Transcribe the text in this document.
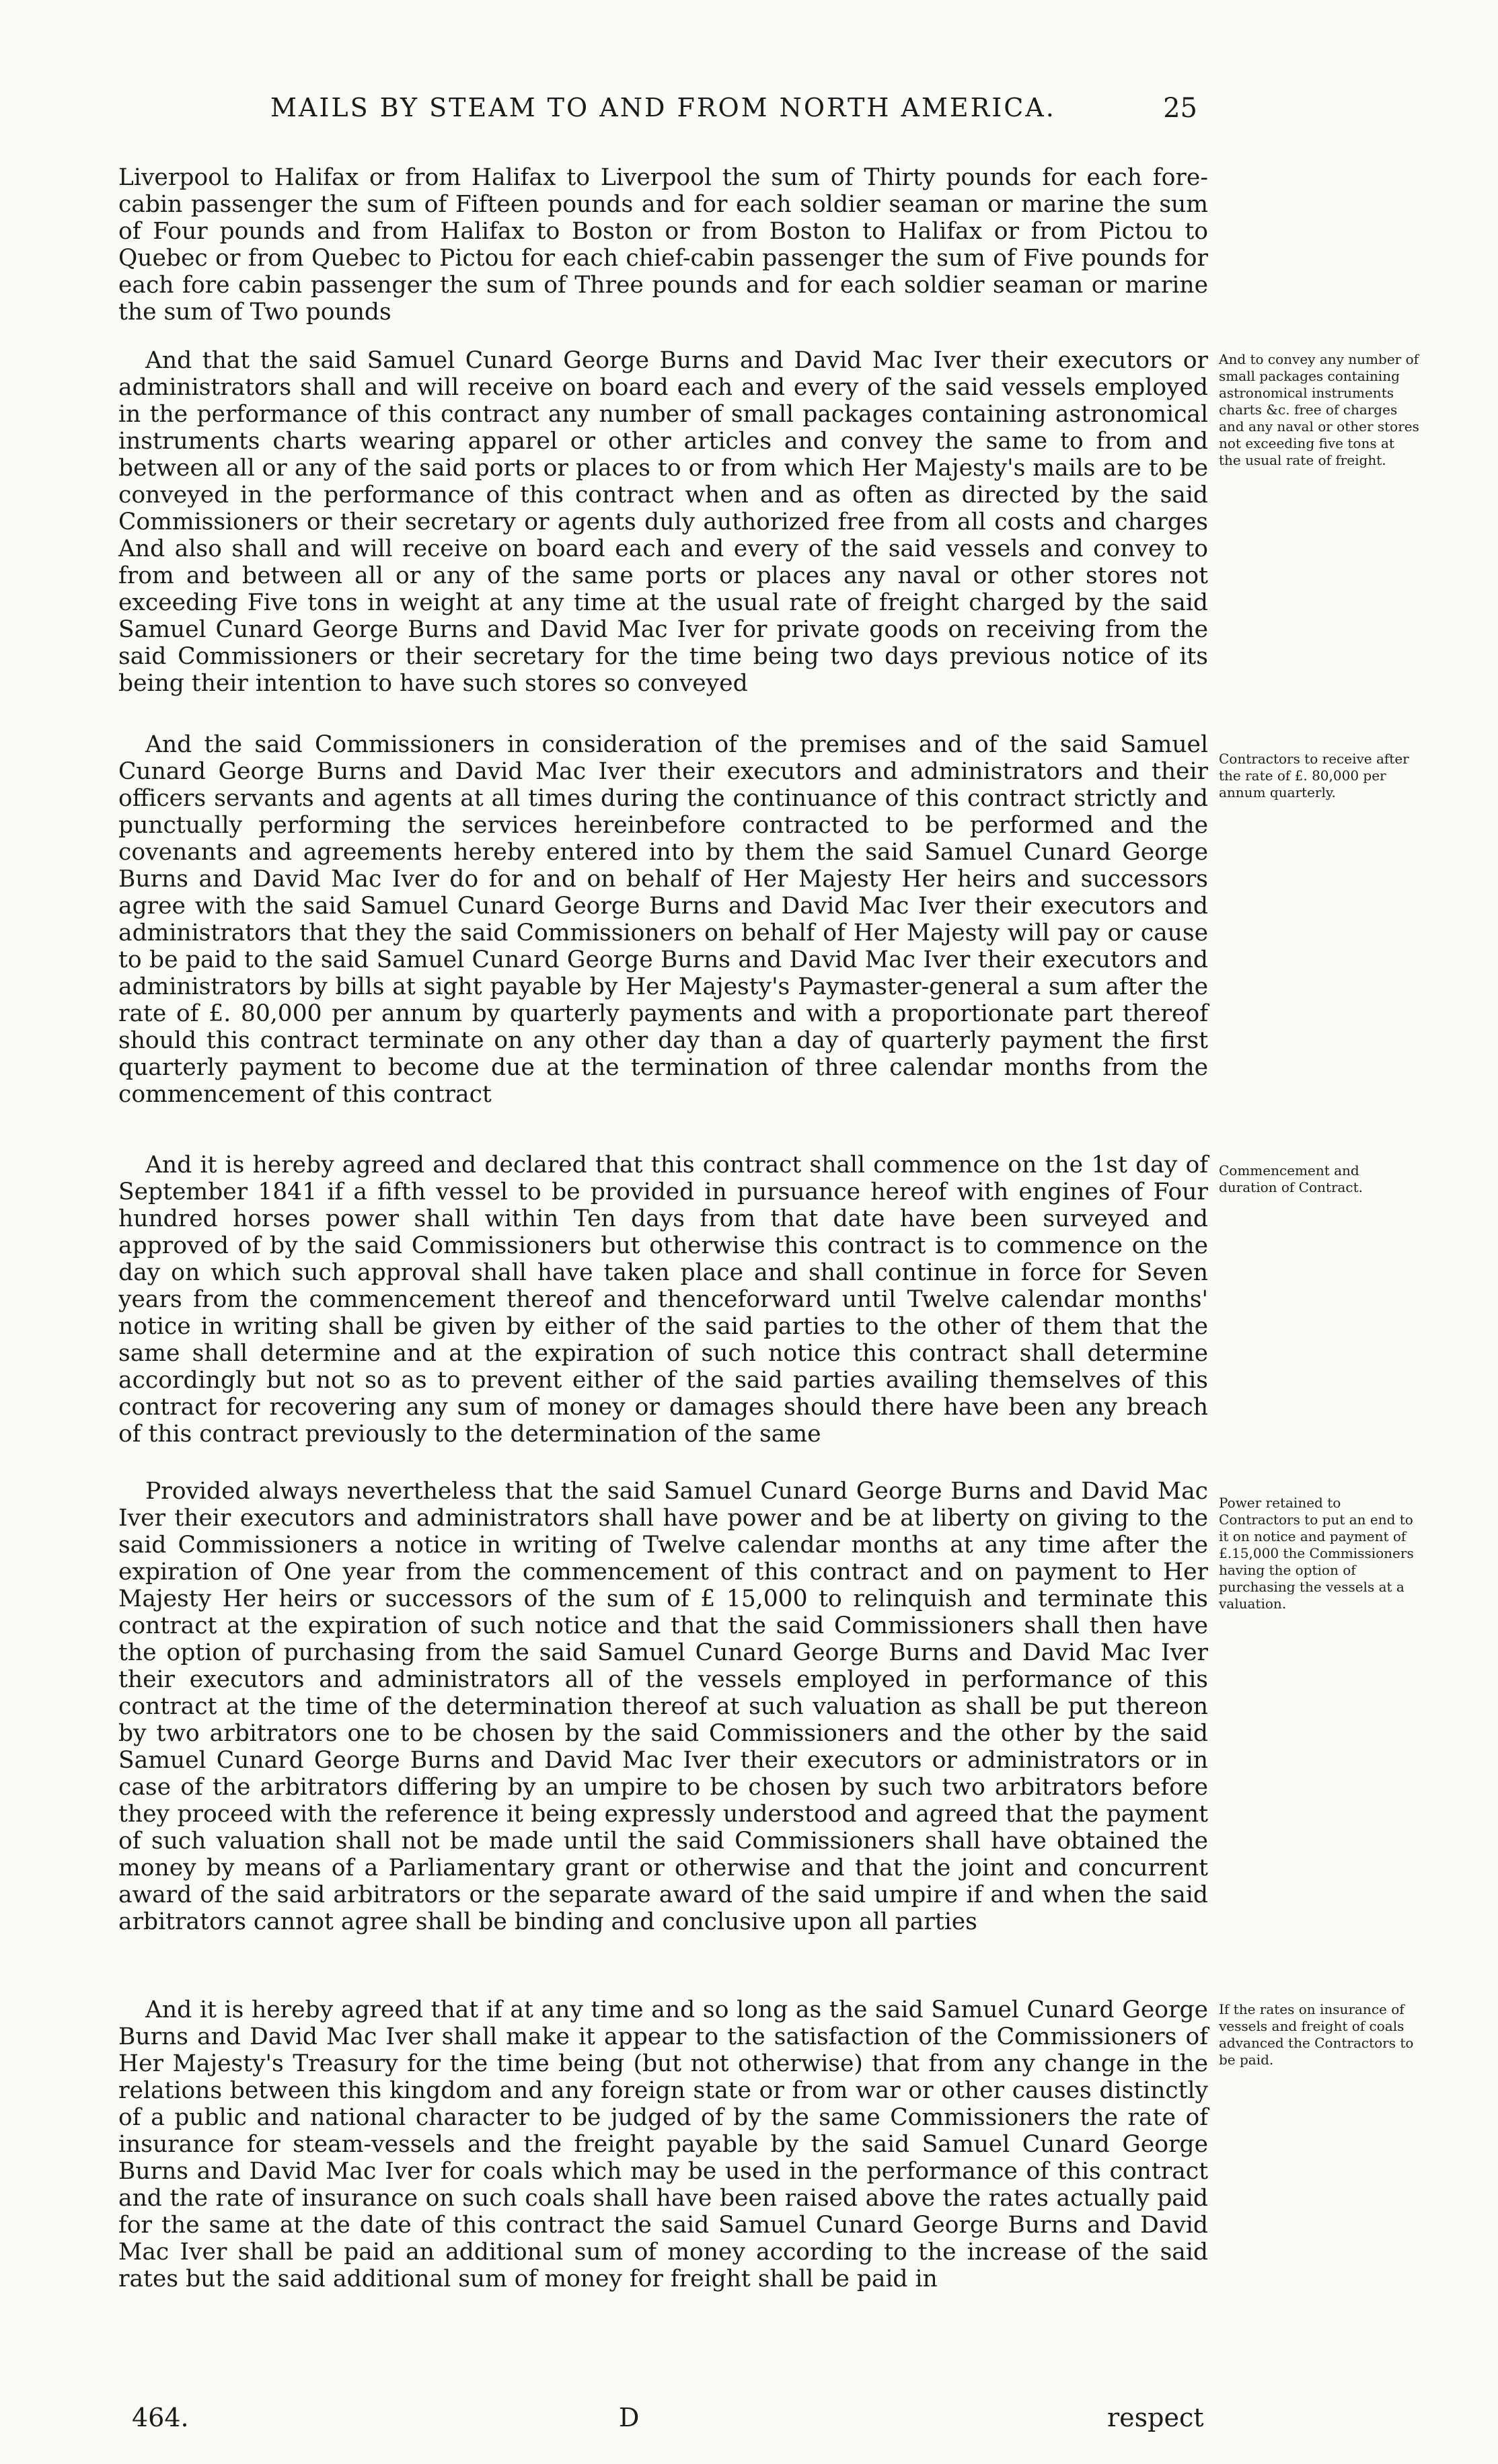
MAILS BY STEAM TO AND FROM NORTH AMERICA.	25

Liverpool to Halifax or from Halifax to Liverpool the sum of Thirty pounds for each fore-cabin passenger the sum of Fifteen pounds and for each soldier seaman or marine the sum of Four pounds and from Halifax to Boston or from Boston to Halifax or from Pictou to Quebec or from Quebec to Pictou for each chief-cabin passenger the sum of Five pounds for each fore cabin passenger the sum of Three pounds and for each soldier seaman or marine the sum of Two pounds

And that the said Samuel Cunard George Burns and David Mac Iver their executors or administrators shall and will receive on board each and every of the said vessels employed in the performance of this contract any number of small packages containing astronomical instruments charts wearing apparel or other articles and convey the same to from and between all or any of the said ports or places to or from which Her Majesty's mails are to be conveyed in the performance of this contract when and as often as directed by the said Commissioners or their secretary or agents duly authorized free from all costs and charges And also shall and will receive on board each and every of the said vessels and convey to from and between all or any of the same ports or places any naval or other stores not exceeding Five tons in weight at any time at the usual rate of freight charged by the said Samuel Cunard George Burns and David Mac Iver for private goods on receiving from the said Commissioners or their secretary for the time being two days previous notice of its being their intention to have such stores so conveyed

And the said Commissioners in consideration of the premises and of the said Samuel Cunard George Burns and David Mac Iver their executors and administrators and their officers servants and agents at all times during the continuance of this contract strictly and punctually performing the services hereinbefore contracted to be performed and the covenants and agreements hereby entered into by them the said Samuel Cunard George Burns and David Mac Iver do for and on behalf of Her Majesty Her heirs and successors agree with the said Samuel Cunard George Burns and David Mac Iver their executors and administrators that they the said Commissioners on behalf of Her Majesty will pay or cause to be paid to the said Samuel Cunard George Burns and David Mac Iver their executors and administrators by bills at sight payable by Her Majesty's Paymaster-general a sum after the rate of £. 80,000 per annum by quarterly payments and with a proportionate part thereof should this contract terminate on any other day than a day of quarterly payment the first quarterly payment to become due at the termination of three calendar months from the commencement of this contract

And it is hereby agreed and declared that this contract shall commence on the 1st day of September 1841 if a fifth vessel to be provided in pursuance hereof with engines of Four hundred horses power shall within Ten days from that date have been surveyed and approved of by the said Commissioners but otherwise this contract is to commence on the day on which such approval shall have taken place and shall continue in force for Seven years from the commencement thereof and thenceforward until Twelve calendar months' notice in writing shall be given by either of the said parties to the other of them that the same shall determine and at the expiration of such notice this contract shall determine accordingly but not so as to prevent either of the said parties availing themselves of this contract for recovering any sum of money or damages should there have been any breach of this contract previously to the determination of the same

Provided always nevertheless that the said Samuel Cunard George Burns and David Mac Iver their executors and administrators shall have power and be at liberty on giving to the said Commissioners a notice in writing of Twelve calendar months at any time after the expiration of One year from the commencement of this contract and on payment to Her Majesty Her heirs or successors of the sum of £ 15,000 to relinquish and terminate this contract at the expiration of such notice and that the said Commissioners shall then have the option of purchasing from the said Samuel Cunard George Burns and David Mac Iver their executors and administrators all of the vessels employed in performance of this contract at the time of the determination thereof at such valuation as shall be put thereon by two arbitrators one to be chosen by the said Commissioners and the other by the said Samuel Cunard George Burns and David Mac Iver their executors or administrators or in case of the arbitrators differing by an umpire to be chosen by such two arbitrators before they proceed with the reference it being expressly understood and agreed that the payment of such valuation shall not be made until the said Commissioners shall have obtained the money by means of a Parliamentary grant or otherwise and that the joint and concurrent award of the said arbitrators or the separate award of the said umpire if and when the said arbitrators cannot agree shall be binding and conclusive upon all parties

And it is hereby agreed that if at any time and so long as the said Samuel Cunard George Burns and David Mac Iver shall make it appear to the satisfaction of the Commissioners of Her Majesty's Treasury for the time being (but not otherwise) that from any change in the relations between this kingdom and any foreign state or from war or other causes distinctly of a public and national character to be judged of by the same Commissioners the rate of insurance for steam-vessels and the freight payable by the said Samuel Cunard George Burns and David Mac Iver for coals which may be used in the performance of this contract and the rate of insurance on such coals shall have been raised above the rates actually paid for the same at the date of this contract the said Samuel Cunard George Burns and David Mac Iver shall be paid an additional sum of money according to the increase of the said rates but the said additional sum of money for freight shall be paid in

And to convey any number of small packages containing astronomical instruments charts &c. free of charges and any naval or other stores not exceeding five tons at the usual rate of freight.
Contractors to receive after the rate of £. 80,000 per annum quarterly.
Commencement and duration of Contract.
Power retained to Contractors to put an end to it on notice and payment of £.15,000 the Commissioners having the option of purchasing the vessels at a valuation.
If the rates on insurance of vessels and freight of coals advanced the Contractors to be paid.
464.	D	respect
